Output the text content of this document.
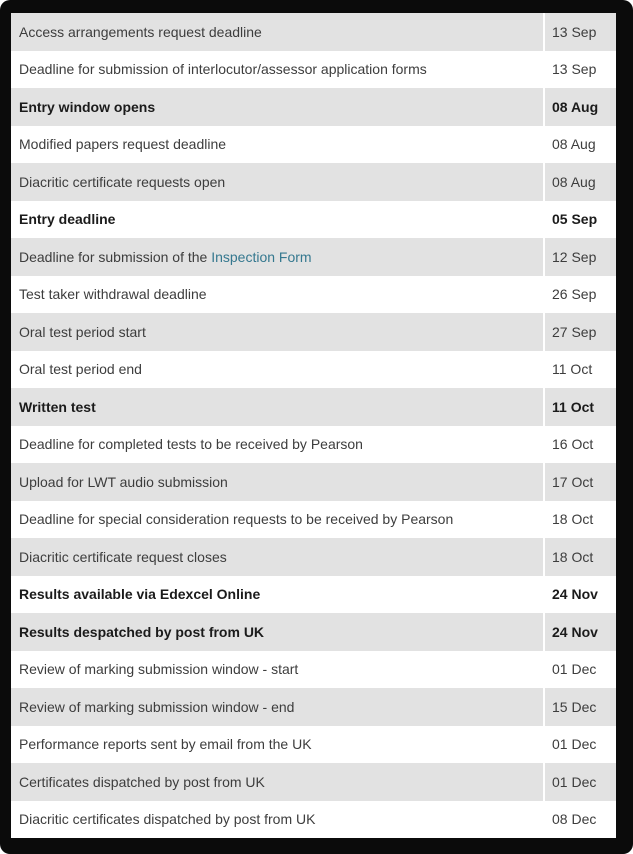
Access arrangements request deadline	13 Sep
Deadline for submission of interlocutor/assessor application forms	13 Sep
Entry window opens	08 Aug
Modified papers request deadline	08 Aug
Diacritic certificate requests open	08 Aug
Entry deadline	05 Sep
Deadline for submission of the Inspection Form	12 Sep
Test taker withdrawal deadline	26 Sep
Oral test period start	27 Sep
Oral test period end	11 Oct
Written test	11 Oct
Deadline for completed tests to be received by Pearson	16 Oct
Upload for LWT audio submission	17 Oct
Deadline for special consideration requests to be received by Pearson	18 Oct
Diacritic certificate request closes	18 Oct
Results available via Edexcel Online	24 Nov
Results despatched by post from UK	24 Nov
Review of marking submission window - start	01 Dec
Review of marking submission window - end	15 Dec
Performance reports sent by email from the UK	01 Dec
Certificates dispatched by post from UK	01 Dec
Diacritic certificates dispatched by post from UK	08 Dec
